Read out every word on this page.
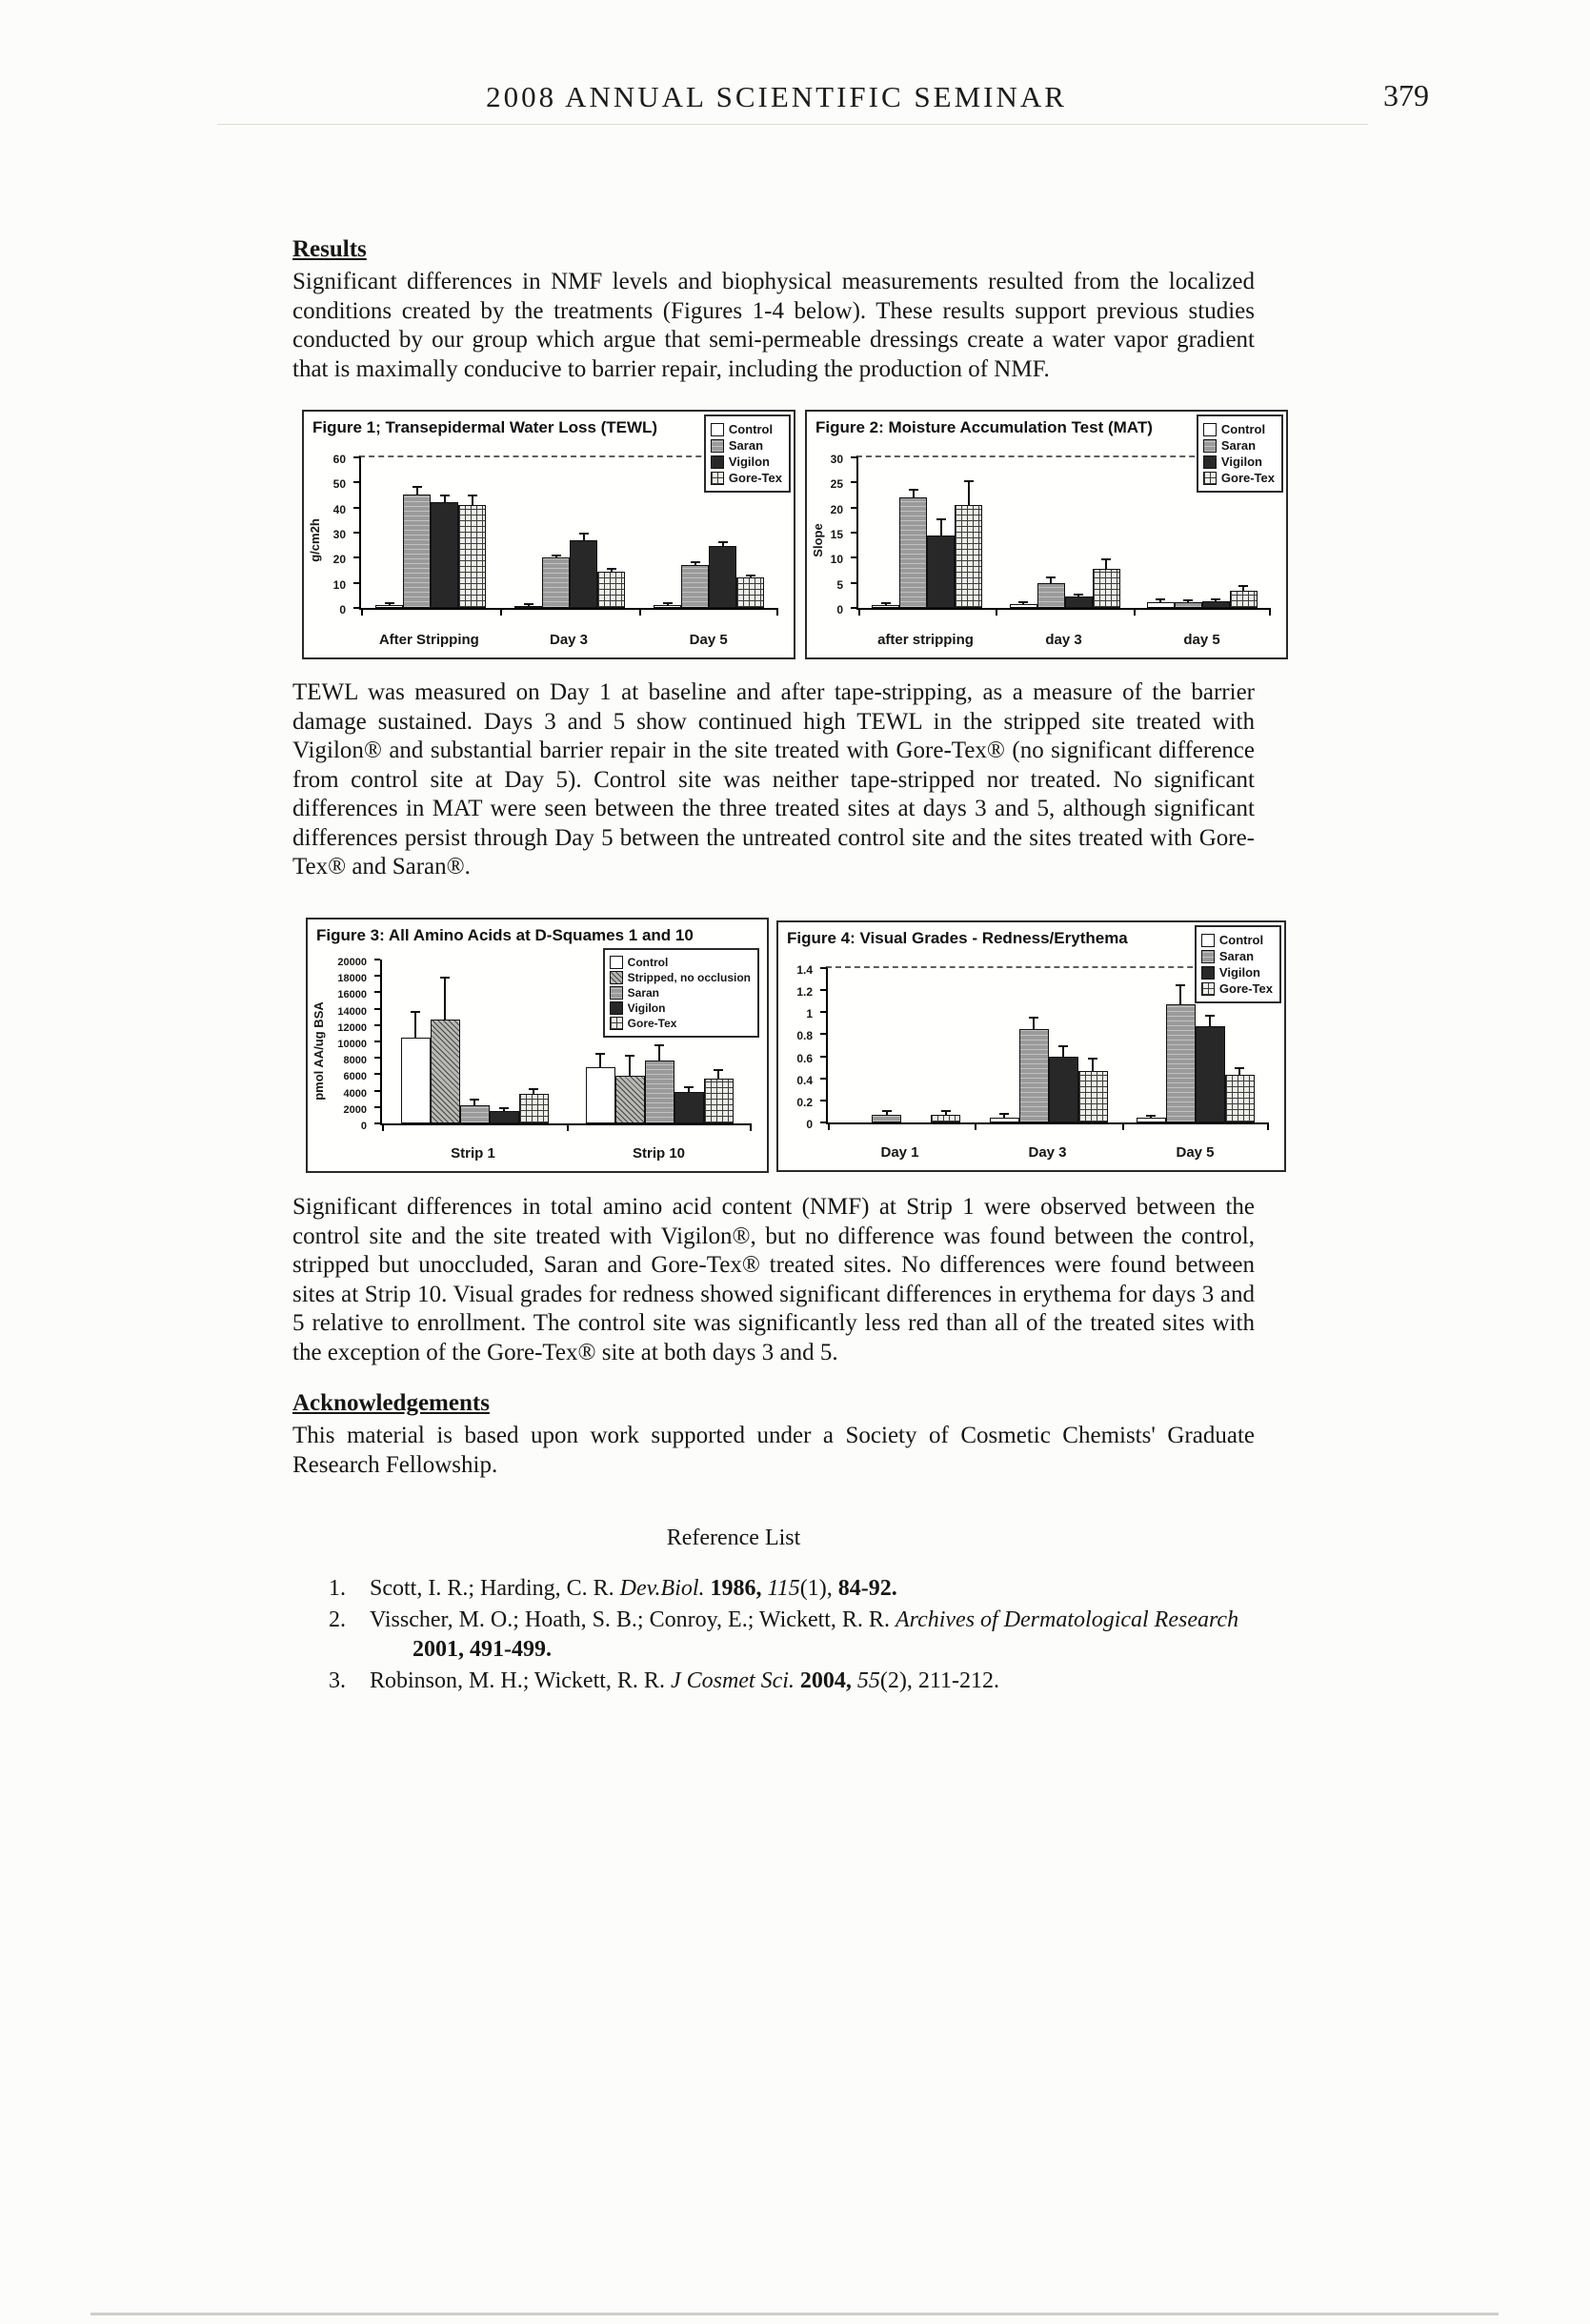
2008 ANNUAL SCIENTIFIC SEMINAR	379
Results
Significant differences in NMF levels and biophysical measurements resulted from the localized conditions created by the treatments (Figures 1-4 below). These results support previous studies conducted by our group which argue that semi-permeable dressings create a water vapor gradient that is maximally conducive to barrier repair, including the production of NMF.
Figure 1; Transepidermal Water Loss (TEWL)
g/cm2h
0
10
20
30
40
50
60
After Stripping	Day 3	Day 5
Control
Saran
Vigilon
Gore-Tex
Figure 2: Moisture Accumulation Test (MAT)
Slope
0
5
10
15
20
25
30
after stripping	day 3	day 5
Control
Saran
Vigilon
Gore-Tex
TEWL was measured on Day 1 at baseline and after tape-stripping, as a measure of the barrier damage sustained. Days 3 and 5 show continued high TEWL in the stripped site treated with Vigilon® and substantial barrier repair in the site treated with Gore-Tex® (no significant difference from control site at Day 5). Control site was neither tape-stripped nor treated. No significant differences in MAT were seen between the three treated sites at days 3 and 5, although significant differences persist through Day 5 between the untreated control site and the sites treated with Gore-Tex® and Saran®.
Figure 3: All Amino Acids at D-Squames 1 and 10
pmol AA/ug BSA
0
2000
4000
6000
8000
10000
12000
14000
16000
18000
20000
Strip 1	Strip 10
Control
Stripped, no occlusion
Saran
Vigilon
Gore-Tex
Figure 4: Visual Grades - Redness/Erythema
0
0.2
0.4
0.6
0.8
1
1.2
1.4
Day 1	Day 3	Day 5
Control
Saran
Vigilon
Gore-Tex
Significant differences in total amino acid content (NMF) at Strip 1 were observed between the control site and the site treated with Vigilon®, but no difference was found between the control, stripped but unoccluded, Saran and Gore-Tex® treated sites. No differences were found between sites at Strip 10. Visual grades for redness showed significant differences in erythema for days 3 and 5 relative to enrollment. The control site was significantly less red than all of the treated sites with the exception of the Gore-Tex® site at both days 3 and 5.
Acknowledgements
This material is based upon work supported under a Society of Cosmetic Chemists' Graduate Research Fellowship.
Reference List
1. Scott, I. R.; Harding, C. R. Dev.Biol. 1986, 115(1), 84-92.
2. Visscher, M. O.; Hoath, S. B.; Conroy, E.; Wickett, R. R. Archives of Dermatological Research
2001, 491-499.
3. Robinson, M. H.; Wickett, R. R. J Cosmet Sci. 2004, 55(2), 211-212.
